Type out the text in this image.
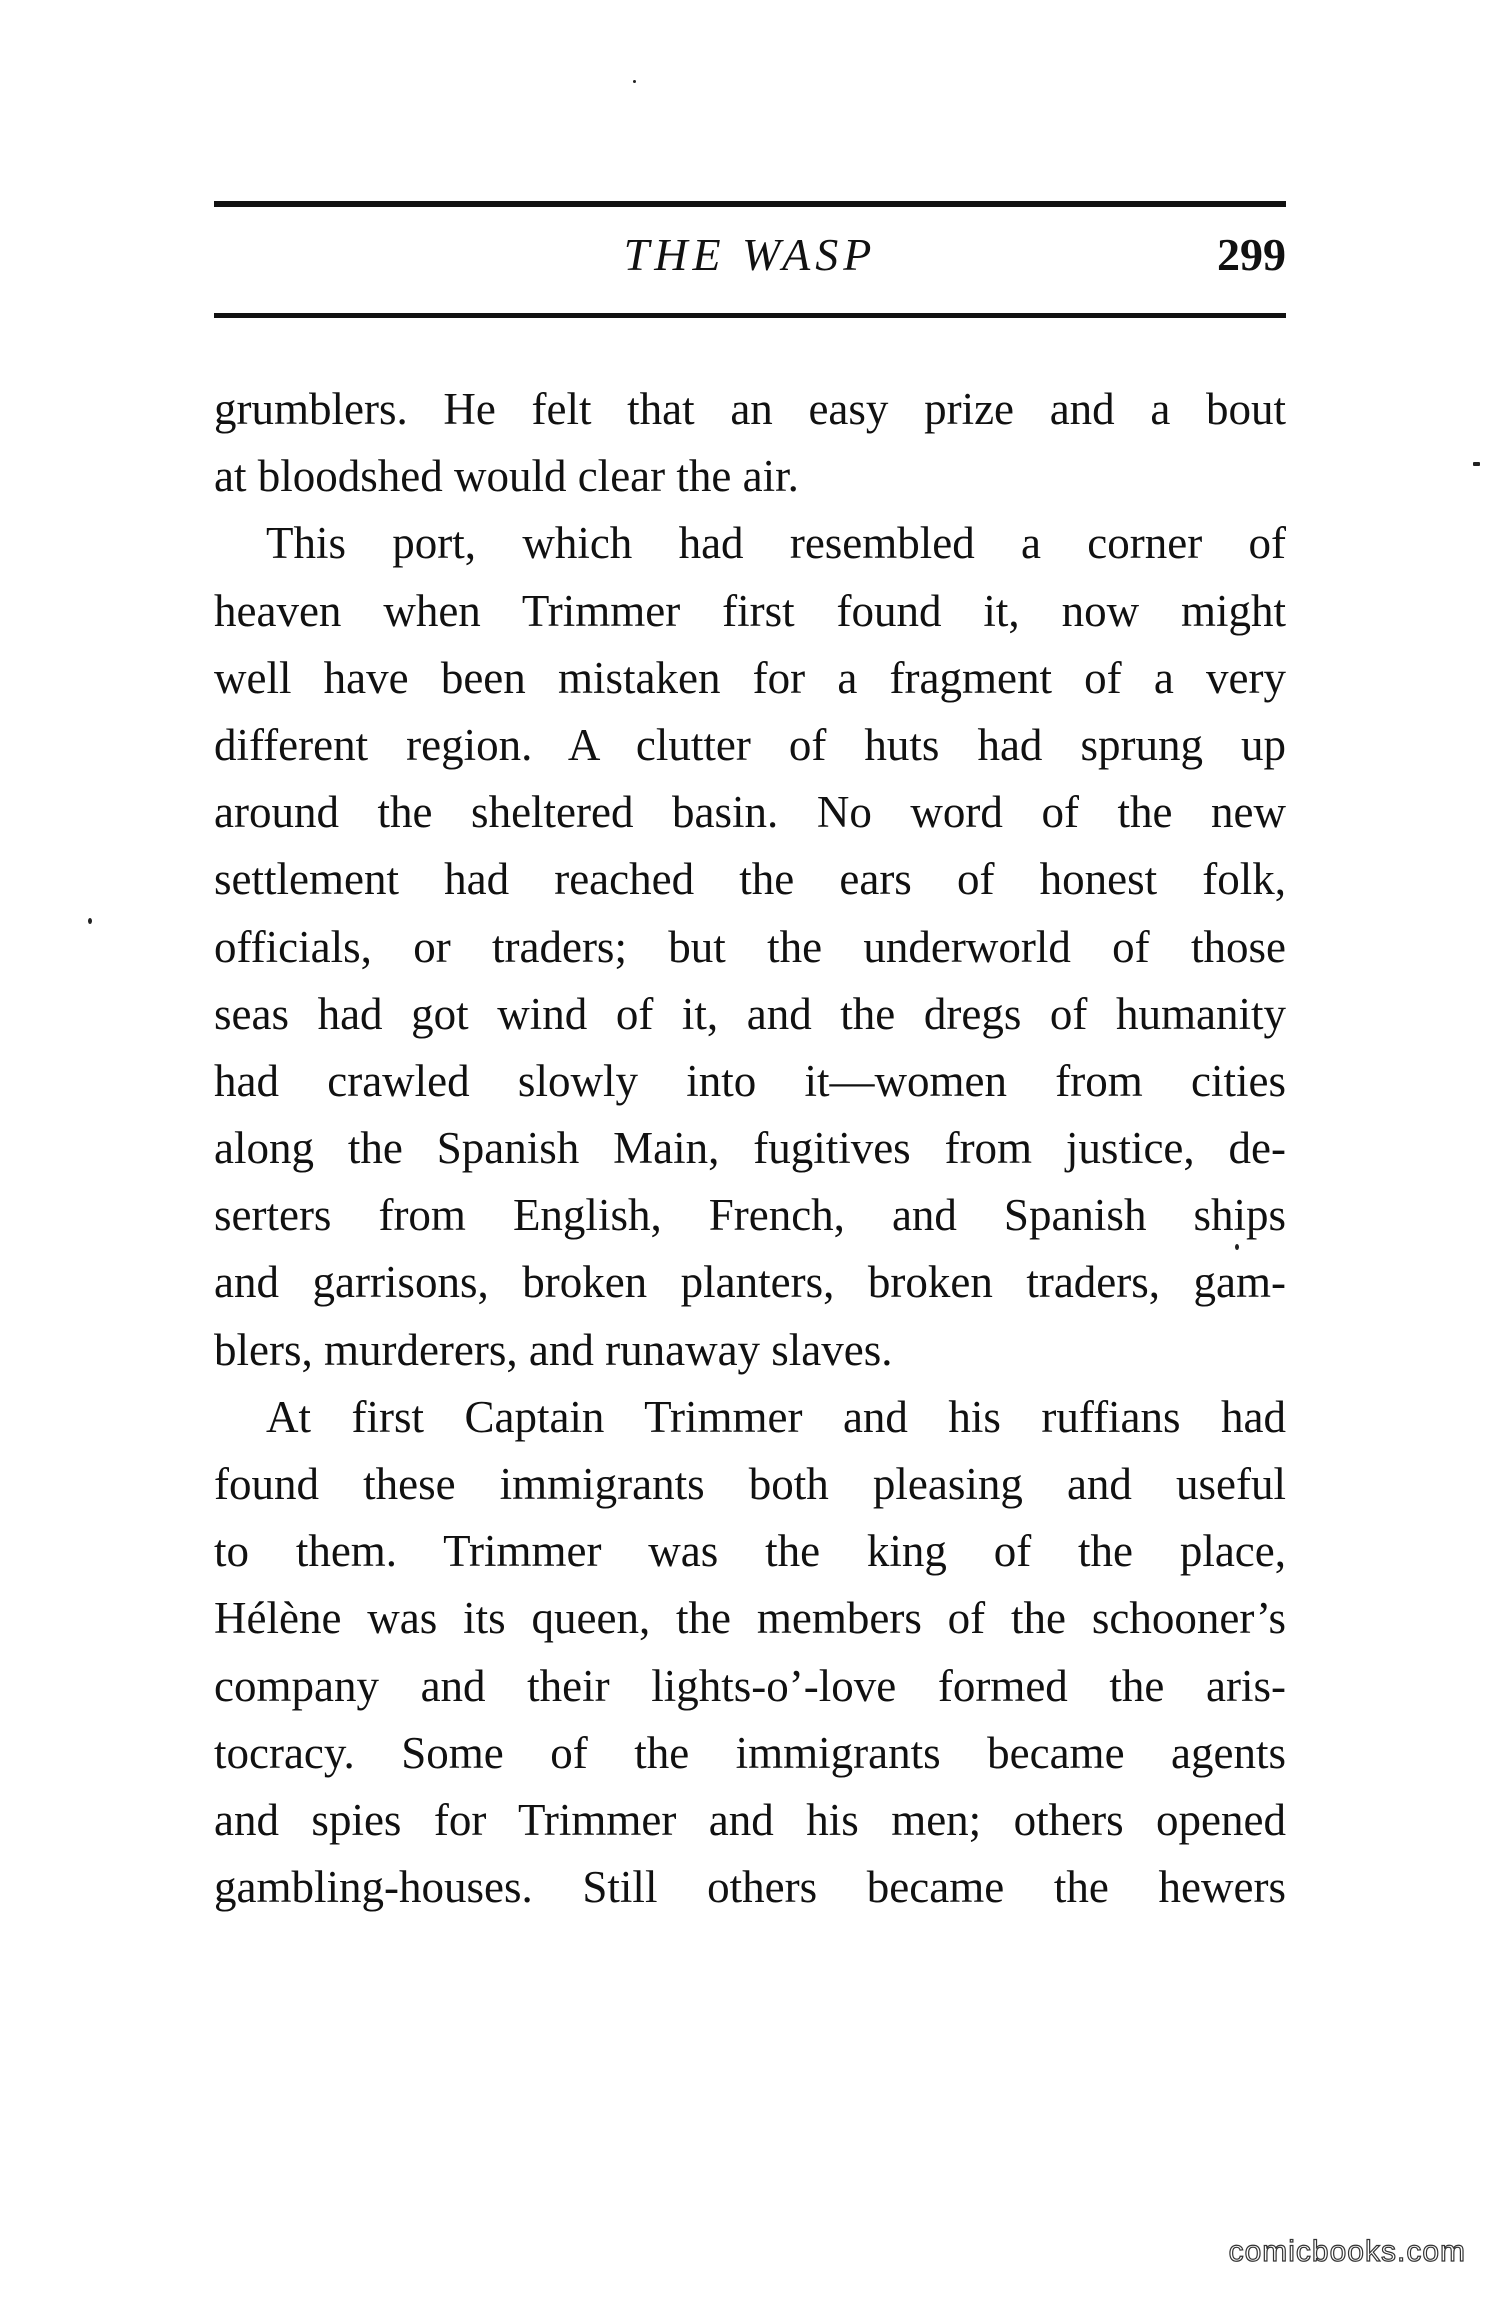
THE WASP	299
grumblers. He felt that an easy prize and a bout
at bloodshed would clear the air.
This port, which had resembled a corner of
heaven when Trimmer first found it, now might
well have been mistaken for a fragment of a very
different region. A clutter of huts had sprung up
around the sheltered basin. No word of the new
settlement had reached the ears of honest folk,
officials, or traders; but the underworld of those
seas had got wind of it, and the dregs of humanity
had crawled slowly into it—women from cities
along the Spanish Main, fugitives from justice, de-
serters from English, French, and Spanish ships
and garrisons, broken planters, broken traders, gam-
blers, murderers, and runaway slaves.
At first Captain Trimmer and his ruffians had
found these immigrants both pleasing and useful
to them. Trimmer was the king of the place,
Hélène was its queen, the members of the schooner’s
company and their lights-o’-love formed the aris-
tocracy. Some of the immigrants became agents
and spies for Trimmer and his men; others opened
gambling-houses. Still others became the hewers
comicbooks.com
